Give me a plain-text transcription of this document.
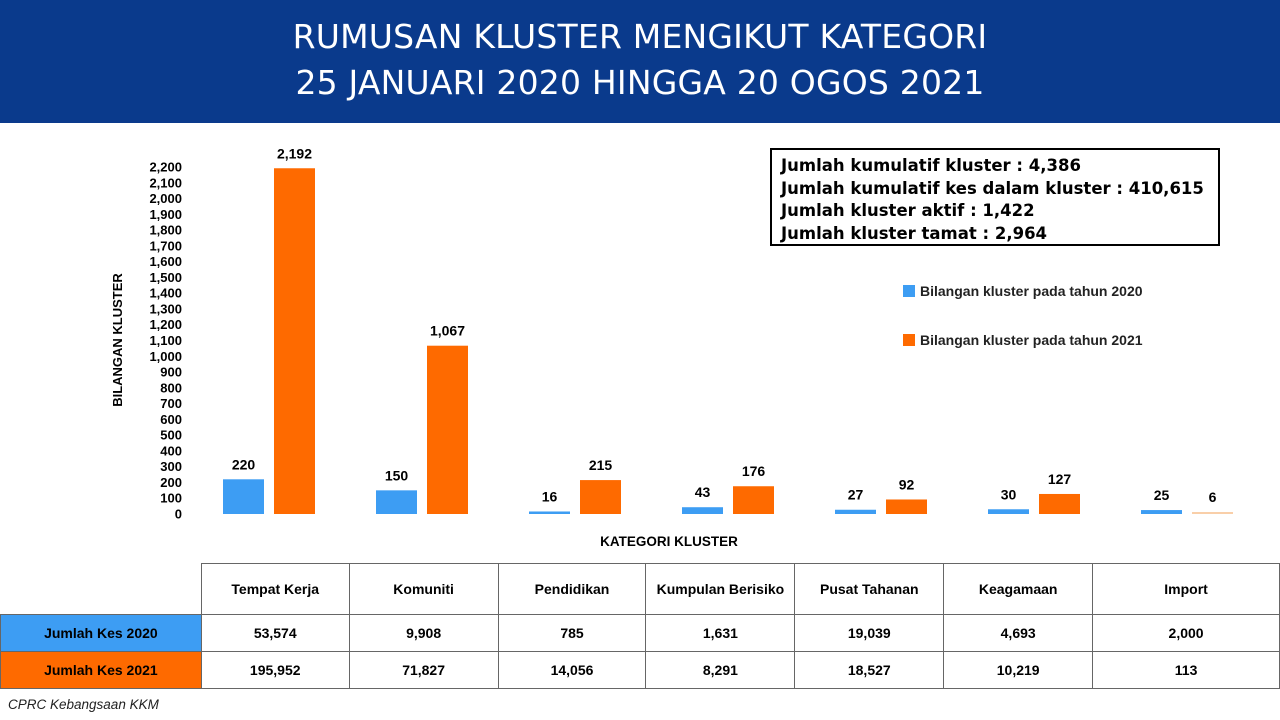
RUMUSAN KLUSTER MENGIKUT KATEGORI
25 JANUARI 2020 HINGGA 20 OGOS 2021
0
100
200
300
400
500
600
700
800
900
1,000
1,100
1,200
1,300
1,400
1,500
1,600
1,700
1,800
1,900
2,000
2,100
2,200
BILANGAN KLUSTER
KATEGORI KLUSTER
220
150
16	43	27	30	25
2,192
1,067
215	176
92	127
6
Jumlah kumulatif kluster : 4,386
Jumlah kumulatif kes dalam kluster : 410,615
Jumlah kluster aktif : 1,422
Jumlah kluster tamat : 2,964
Bilangan kluster pada tahun 2020
Bilangan kluster pada tahun 2021
	Tempat Kerja	Komuniti	Pendidikan	Kumpulan Berisiko	Pusat Tahanan	Keagamaan	Import
Jumlah Kes 2020	53,574	9,908	785	1,631	19,039	4,693	2,000
Jumlah Kes 2021	195,952	71,827	14,056	8,291	18,527	10,219	113
CPRC Kebangsaan KKM
